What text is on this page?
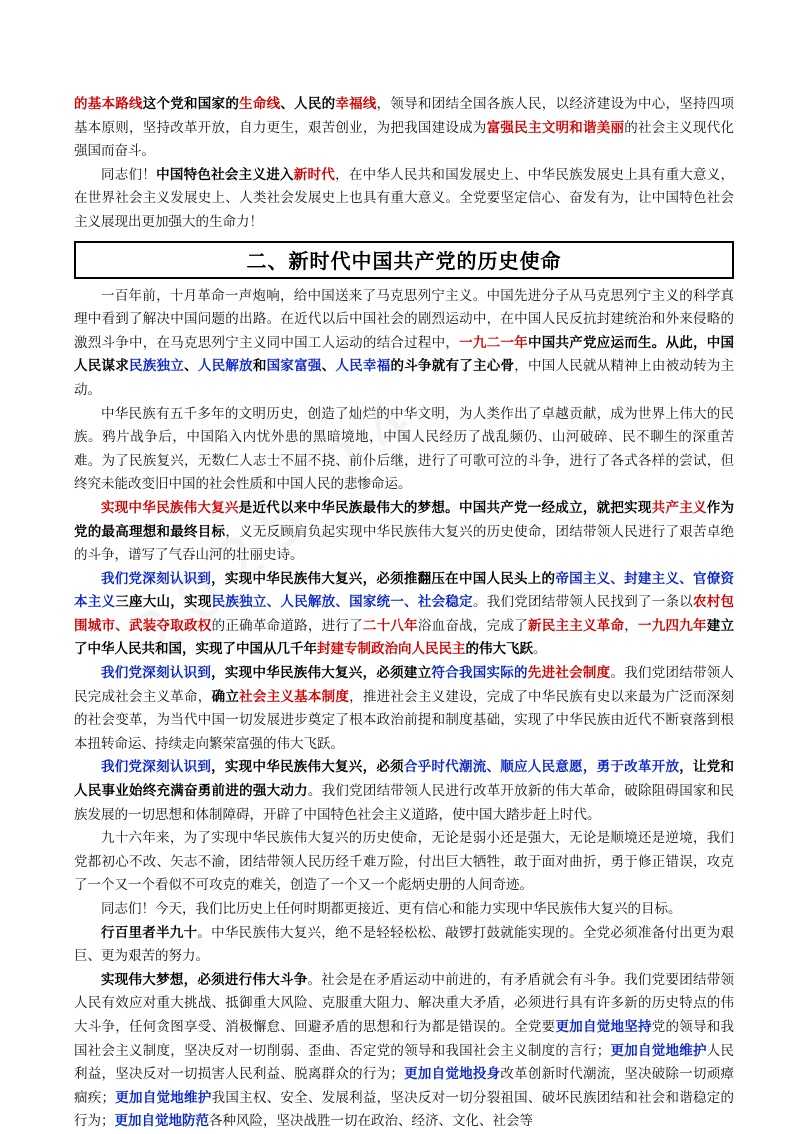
的基本路线这个党和国家的生命线、人民的幸福线，领导和团结全国各族人民，以经济建设为中心，坚持四项基本原则，坚持改革开放，自力更生，艰苦创业，为把我国建设成为富强民主文明和谐美丽的社会主义现代化强国而奋斗。

同志们！中国特色社会主义进入新时代，在中华人民共和国发展史上、中华民族发展史上具有重大意义，在世界社会主义发展史上、人类社会发展史上也具有重大意义。全党要坚定信心、奋发有为，让中国特色社会主义展现出更加强大的生命力！

二、新时代中国共产党的历史使命

一百年前，十月革命一声炮响，给中国送来了马克思列宁主义。中国先进分子从马克思列宁主义的科学真理中看到了解决中国问题的出路。在近代以后中国社会的剧烈运动中，在中国人民反抗封建统治和外来侵略的激烈斗争中，在马克思列宁主义同中国工人运动的结合过程中，一九二一年中国共产党应运而生。从此，中国人民谋求民族独立、人民解放和国家富强、人民幸福的斗争就有了主心骨，中国人民就从精神上由被动转为主动。

中华民族有五千多年的文明历史，创造了灿烂的中华文明，为人类作出了卓越贡献，成为世界上伟大的民族。鸦片战争后，中国陷入内忧外患的黑暗境地，中国人民经历了战乱频仍、山河破碎、民不聊生的深重苦难。为了民族复兴，无数仁人志士不屈不挠、前仆后继，进行了可歌可泣的斗争，进行了各式各样的尝试，但终究未能改变旧中国的社会性质和中国人民的悲惨命运。

实现中华民族伟大复兴是近代以来中华民族最伟大的梦想。中国共产党一经成立，就把实现共产主义作为党的最高理想和最终目标，义无反顾肩负起实现中华民族伟大复兴的历史使命，团结带领人民进行了艰苦卓绝的斗争，谱写了气吞山河的壮丽史诗。

我们党深刻认识到，实现中华民族伟大复兴，必须推翻压在中国人民头上的帝国主义、封建主义、官僚资本主义三座大山，实现民族独立、人民解放、国家统一、社会稳定。我们党团结带领人民找到了一条以农村包围城市、武装夺取政权的正确革命道路，进行了二十八年浴血奋战，完成了新民主主义革命，一九四九年建立了中华人民共和国，实现了中国从几千年封建专制政治向人民民主的伟大飞跃。

我们党深刻认识到，实现中华民族伟大复兴，必须建立符合我国实际的先进社会制度。我们党团结带领人民完成社会主义革命，确立社会主义基本制度，推进社会主义建设，完成了中华民族有史以来最为广泛而深刻的社会变革，为当代中国一切发展进步奠定了根本政治前提和制度基础，实现了中华民族由近代不断衰落到根本扭转命运、持续走向繁荣富强的伟大飞跃。

我们党深刻认识到，实现中华民族伟大复兴，必须合乎时代潮流、顺应人民意愿，勇于改革开放，让党和人民事业始终充满奋勇前进的强大动力。我们党团结带领人民进行改革开放新的伟大革命，破除阻碍国家和民族发展的一切思想和体制障碍，开辟了中国特色社会主义道路，使中国大踏步赶上时代。

九十六年来，为了实现中华民族伟大复兴的历史使命，无论是弱小还是强大，无论是顺境还是逆境，我们党都初心不改、矢志不渝，团结带领人民历经千难万险，付出巨大牺牲，敢于面对曲折，勇于修正错误，攻克了一个又一个看似不可攻克的难关，创造了一个又一个彪炳史册的人间奇迹。

同志们！今天，我们比历史上任何时期都更接近、更有信心和能力实现中华民族伟大复兴的目标。

行百里者半九十。中华民族伟大复兴，绝不是轻轻松松、敲锣打鼓就能实现的。全党必须准备付出更为艰巨、更为艰苦的努力。

实现伟大梦想，必须进行伟大斗争。社会是在矛盾运动中前进的，有矛盾就会有斗争。我们党要团结带领人民有效应对重大挑战、抵御重大风险、克服重大阻力、解决重大矛盾，必须进行具有许多新的历史特点的伟大斗争，任何贪图享受、消极懈怠、回避矛盾的思想和行为都是错误的。全党要更加自觉地坚持党的领导和我国社会主义制度，坚决反对一切削弱、歪曲、否定党的领导和我国社会主义制度的言行；更加自觉地维护人民利益，坚决反对一切损害人民利益、脱离群众的行为；更加自觉地投身改革创新时代潮流，坚决破除一切顽瘴痼疾；更加自觉地维护我国主权、安全、发展利益，坚决反对一切分裂祖国、破坏民族团结和社会和谐稳定的行为；更加自觉地防范各种风险，坚决战胜一切在政治、经济、文化、社会等
